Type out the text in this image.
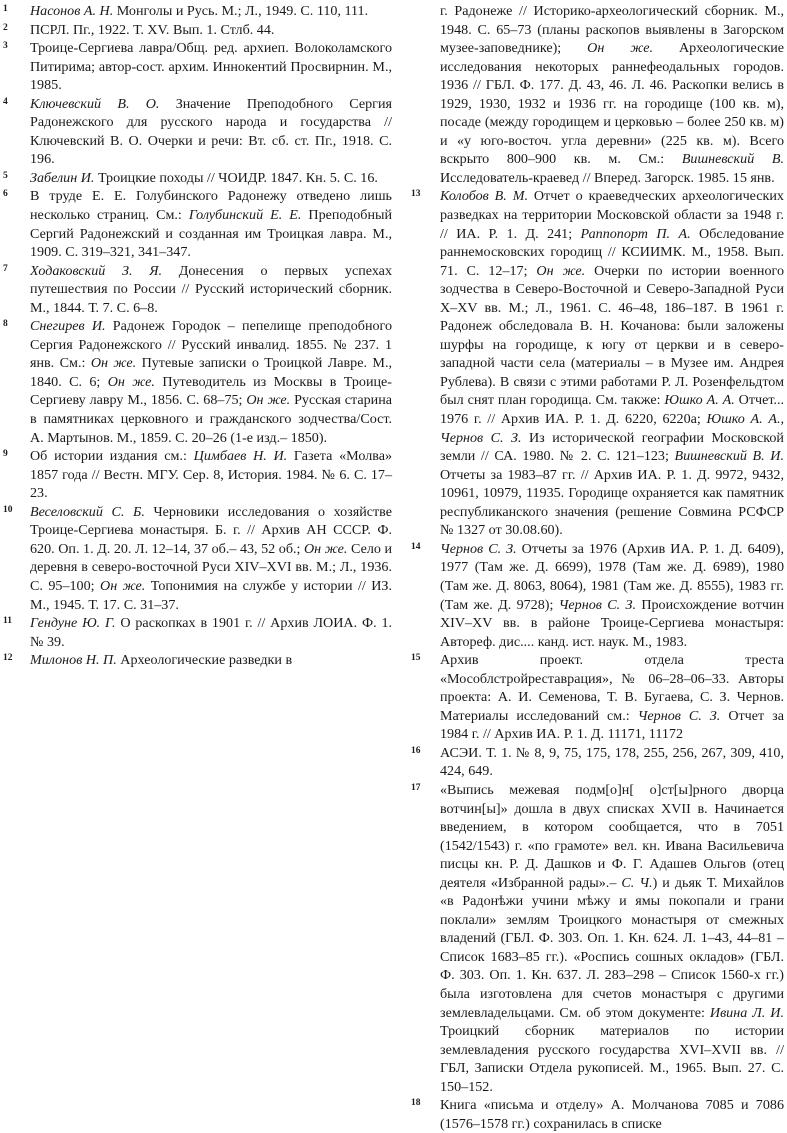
1 Насонов А. Н. Монголы и Русь. М.; Л., 1949. С. 110, 111.

2 ПСРЛ. Пг., 1922. Т. XV. Вып. 1. Стлб. 44.

3 Троице-Сергиева лавра/Общ. ред. архиеп. Волоколамского Питирима; автор-сост. архим. Иннокентий Просвирнин. М., 1985.

4 Ключевский В. О. Значение Преподобного Сергия Радонежского для русского народа и государства // Ключевский В. О. Очерки и речи: Вт. сб. ст. Пг., 1918. С. 196.

5 Забелин И. Троицкие походы // ЧОИДР. 1847. Кн. 5. С. 16.

6 В труде Е. Е. Голубинского Радонежу отведено лишь несколько страниц. См.: Голубинский Е. Е. Преподобный Сергий Радонежский и созданная им Троицкая лавра. М., 1909. С. 319–321, 341–347.

7 Ходаковский З. Я. Донесения о первых успехах путешествия по России // Русский исторический сборник. М., 1844. Т. 7. С. 6–8.

8 Снегирев И. Радонеж Городок – пепелище преподобного Сергия Радонежского // Русский инвалид. 1855. № 237. 1 янв. См.: Он же. Путевые записки о Троицкой Лавре. М., 1840. С. 6; Он же. Путеводитель из Москвы в Троице-Сергиеву лавру М., 1856. С. 68–75; Он же. Русская старина в памятниках церковного и гражданского зодчества/Сост. А. Мартынов. М., 1859. С. 20–26 (1-е изд.– 1850).

9 Об истории издания см.: Цимбаев Н. И. Газета «Молва» 1857 года // Вестн. МГУ. Сер. 8, История. 1984. № 6. С. 17–23.

10 Веселовский С. Б. Черновики исследования о хозяйстве Троице-Сергиева монастыря. Б. г. // Архив АН СССР. Ф. 620. Оп. 1. Д. 20. Л. 12–14, 37 об.– 43, 52 об.; Он же. Село и деревня в северо-восточной Руси XIV–XVI вв. М.; Л., 1936. С. 95–100; Он же. Топонимия на службе у истории // ИЗ. М., 1945. Т. 17. С. 31–37.

11 Гендуне Ю. Г. О раскопках в 1901 г. // Архив ЛОИА. Ф. 1. № 39.

12 Милонов Н. П. Археологические разведки в

г. Радонеже // Историко-археологический сборник. М., 1948. С. 65–73 (планы раскопов выявлены в Загорском музее-заповеднике); Он же. Археологические исследования некоторых раннефеодальных городов. 1936 // ГБЛ. Ф. 177. Д. 43, 46. Л. 46. Раскопки велись в 1929, 1930, 1932 и 1936 гг. на городище (100 кв. м), посаде (между городищем и церковью – более 250 кв. м) и «у юго-восточ. угла деревни» (225 кв. м). Всего вскрыто 800–900 кв. м. См.: Вишневский В. Исследователь-краевед // Вперед. Загорск. 1985. 15 янв.

13 Колобов В. М. Отчет о краеведческих археологических разведках на территории Московской области за 1948 г. // ИА. Р. 1. Д. 241; Раппопорт П. А. Обследование раннемосковских городищ // КСИИМК. М., 1958. Вып. 71. С. 12–17; Он же. Очерки по истории военного зодчества в Северо-Восточной и Северо-Западной Руси X–XV вв. М.; Л., 1961. С. 46–48, 186–187. В 1961 г. Радонеж обследовала В. Н. Кочанова: были заложены шурфы на городище, к югу от церкви и в северо-западной части села (материалы – в Музее им. Андрея Рублева). В связи с этими работами Р. Л. Розенфельдтом был снят план городища. См. также: Юшко А. А. Отчет... 1976 г. // Архив ИА. Р. 1. Д. 6220, 6220а; Юшко А. А., Чернов С. З. Из исторической географии Московской земли // СА. 1980. № 2. С. 121–123; Вишневский В. И. Отчеты за 1983–87 гг. // Архив ИА. Р. 1. Д. 9972, 9432, 10961, 10979, 11935. Городище охраняется как памятник республиканского значения (решение Совмина РСФСР № 1327 от 30.08.60).

14 Чернов С. З. Отчеты за 1976 (Архив ИА. Р. 1. Д. 6409), 1977 (Там же. Д. 6699), 1978 (Там же. Д. 6989), 1980 (Там же. Д. 8063, 8064), 1981 (Там же. Д. 8555), 1983 гг. (Там же. Д. 9728); Чернов С. З. Происхождение вотчин XIV–XV вв. в районе Троице-Сергиева монастыря: Автореф. дис.... канд. ист. наук. М., 1983.

15 Архив проект. отдела треста «Мособлстройреставрация», № 06–28–06–33. Авторы проекта: А. И. Семенова, Т. В. Бугаева, С. З. Чернов. Материалы исследований см.: Чернов С. З. Отчет за 1984 г. // Архив ИА. Р. 1. Д. 11171, 11172

16 АСЭИ. Т. 1. № 8, 9, 75, 175, 178, 255, 256, 267, 309, 410, 424, 649.

17 «Выпись межевая подм[о]н[ о]ст[ы]рного дворца вотчин[ы]» дошла в двух списках XVII в. Начинается введением, в котором сообщается, что в 7051 (1542/1543) г. «по грамоте» вел. кн. Ивана Васильевича писцы кн. Р. Д. Дашков и Ф. Г. Адашев Ольгов (отец деятеля «Избранной рады».– С. Ч.) и дьяк Т. Михайлов «в Радонѣжи учини мѣжу и ямы покопали и грани поклали» землям Троицкого монастыря от смежных владений (ГБЛ. Ф. 303. Оп. 1. Кн. 624. Л. 1–43, 44–81 – Список 1683–85 гг.). «Роспись сошных окладов» (ГБЛ. Ф. 303. Оп. 1. Кн. 637. Л. 283–298 – Список 1560-х гг.) была изготовлена для счетов монастыря с другими землевладельцами. См. об этом документе: Ивина Л. И. Троицкий сборник материалов по истории землевладения русского государства XVI–XVII вв. // ГБЛ, Записки Отдела рукописей. М., 1965. Вып. 27. С. 150–152.

18 Книга «письма и отделу» А. Молчанова 7085 и 7086 (1576–1578 гг.) сохранилась в списке
